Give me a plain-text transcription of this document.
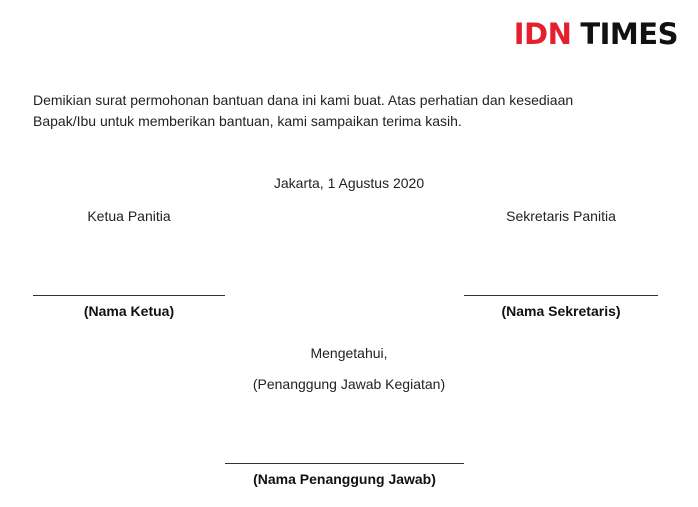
IDN TIMES
Demikian surat permohonan bantuan dana ini kami buat. Atas perhatian dan kesediaan
Bapak/Ibu untuk memberikan bantuan, kami sampaikan terima kasih.
Jakarta, 1 Agustus 2020
Ketua Panitia	Sekretaris Panitia
(Nama Ketua)	(Nama Sekretaris)
Mengetahui,
(Penanggung Jawab Kegiatan)
(Nama Penanggung Jawab)
